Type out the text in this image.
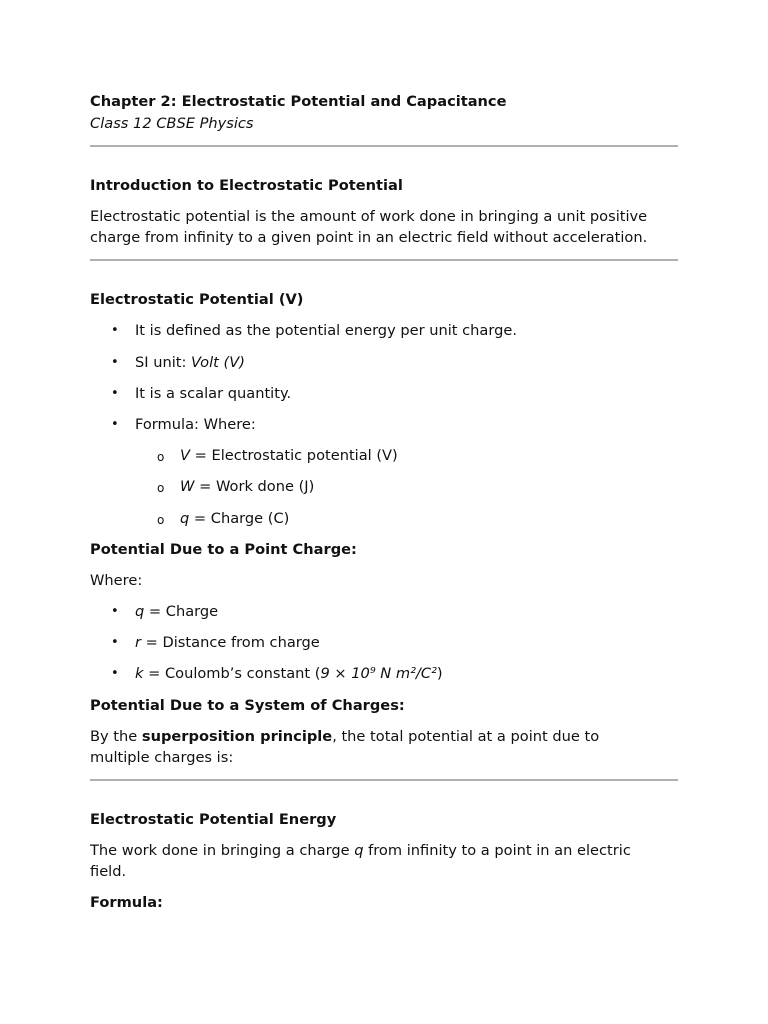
Chapter 2: Electrostatic Potential and Capacitance
Class 12 CBSE Physics
Introduction to Electrostatic Potential
Electrostatic potential is the amount of work done in bringing a unit positive charge from infinity to a given point in an electric field without acceleration.
Electrostatic Potential (V)
• It is defined as the potential energy per unit charge.
• SI unit: Volt (V)
• It is a scalar quantity.
• Formula: Where:
o V = Electrostatic potential (V)
o W = Work done (J)
o q = Charge (C)
Potential Due to a Point Charge:
Where:
• q = Charge
• r = Distance from charge
• k = Coulomb’s constant (9 × 10⁹ N m²/C²)
Potential Due to a System of Charges:
By the superposition principle, the total potential at a point due to
multiple charges is:
Electrostatic Potential Energy
The work done in bringing a charge q from infinity to a point in an electric
field.
Formula:
